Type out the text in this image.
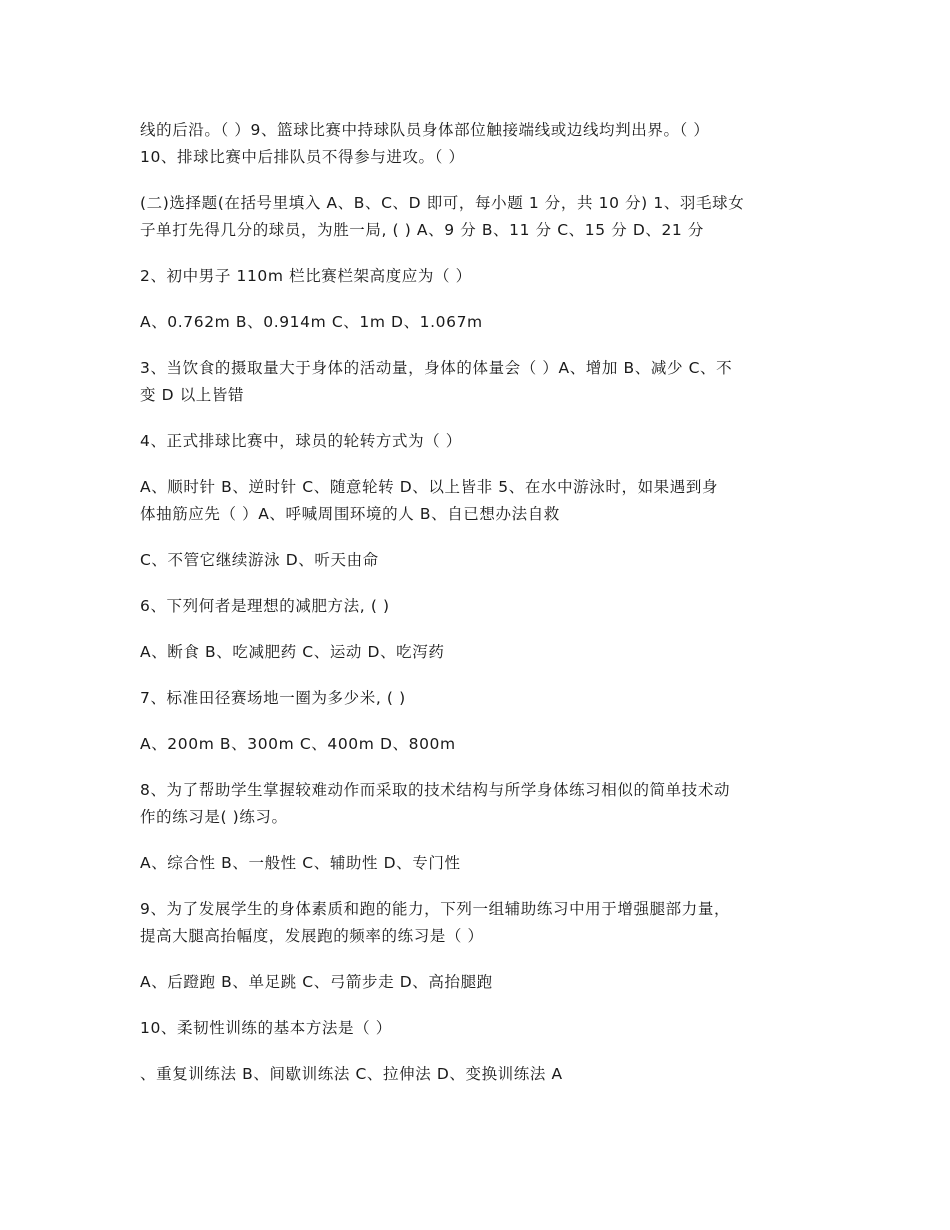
线的后沿。（ ）9、篮球比赛中持球队员身体部位触接端线或边线均判出界。（ ）
10、排球比赛中后排队员不得参与进攻。（ ）

(二)选择题(在括号里填入 A、B、C、D 即可，每小题 1 分，共 10 分) 1、羽毛球女
子单打先得几分的球员，为胜一局, ( ) A、9 分 B、11 分 C、15 分 D、21 分

2、初中男子 110m 栏比赛栏架高度应为（ ）

A、0.762m B、0.914m C、1m D、1.067m

3、当饮食的摄取量大于身体的活动量，身体的体量会（ ）A、增加 B、减少 C、不
变 D 以上皆错

4、正式排球比赛中，球员的轮转方式为（ ）

A、顺时针 B、逆时针 C、随意轮转 D、以上皆非 5、在水中游泳时，如果遇到身
体抽筋应先（ ）A、呼喊周围环境的人 B、自已想办法自救

C、不管它继续游泳 D、听天由命

6、下列何者是理想的减肥方法, ( )

A、断食 B、吃减肥药 C、运动 D、吃泻药

7、标准田径赛场地一圈为多少米, ( )

A、200m B、300m C、400m D、800m

8、为了帮助学生掌握较难动作而采取的技术结构与所学身体练习相似的简单技术动
作的练习是( )练习。

A、综合性 B、一般性 C、辅助性 D、专门性

9、为了发展学生的身体素质和跑的能力，下列一组辅助练习中用于增强腿部力量，
提高大腿高抬幅度，发展跑的频率的练习是（ ）

A、后蹬跑 B、单足跳 C、弓箭步走 D、高抬腿跑

10、柔韧性训练的基本方法是（ ）

、重复训练法 B、间歇训练法 C、拉伸法 D、变换训练法 A
